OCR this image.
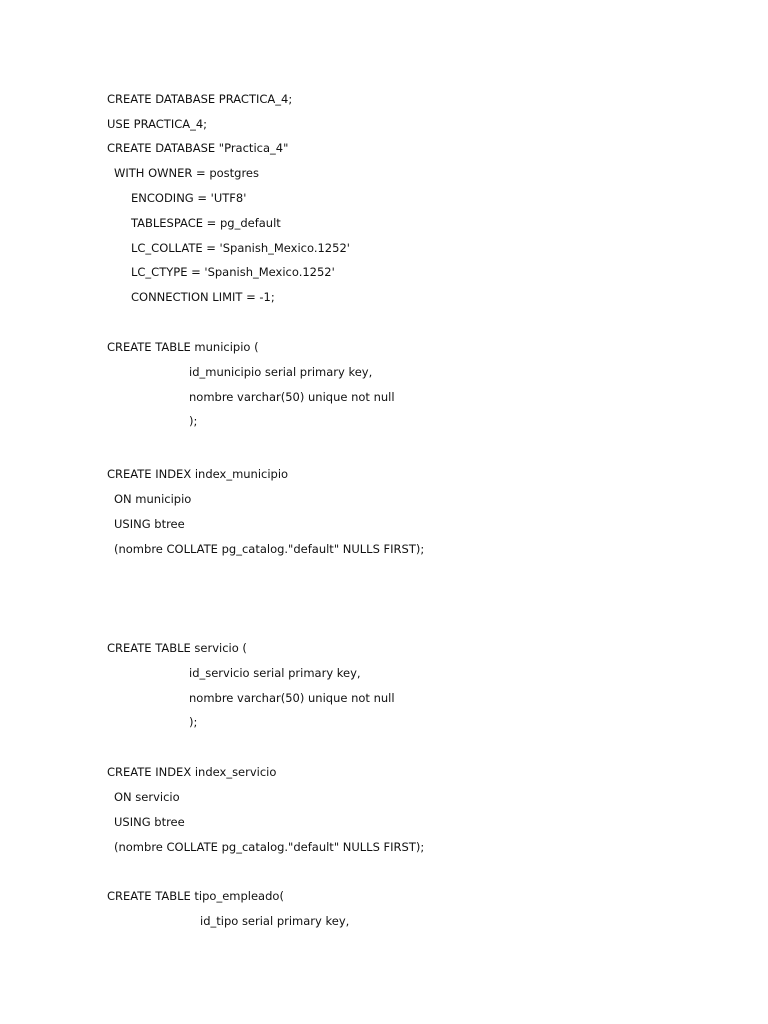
CREATE DATABASE PRACTICA_4;
USE PRACTICA_4;
CREATE DATABASE "Practica_4"
WITH OWNER = postgres
ENCODING = 'UTF8'
TABLESPACE = pg_default
LC_COLLATE = 'Spanish_Mexico.1252'
LC_CTYPE = 'Spanish_Mexico.1252'
CONNECTION LIMIT = -1;
CREATE TABLE municipio (
id_municipio serial primary key,
nombre varchar(50) unique not null
);
CREATE INDEX index_municipio
ON municipio
USING btree
(nombre COLLATE pg_catalog."default" NULLS FIRST);
CREATE TABLE servicio (
id_servicio serial primary key,
nombre varchar(50) unique not null
);
CREATE INDEX index_servicio
ON servicio
USING btree
(nombre COLLATE pg_catalog."default" NULLS FIRST);
CREATE TABLE tipo_empleado(
id_tipo serial primary key,
